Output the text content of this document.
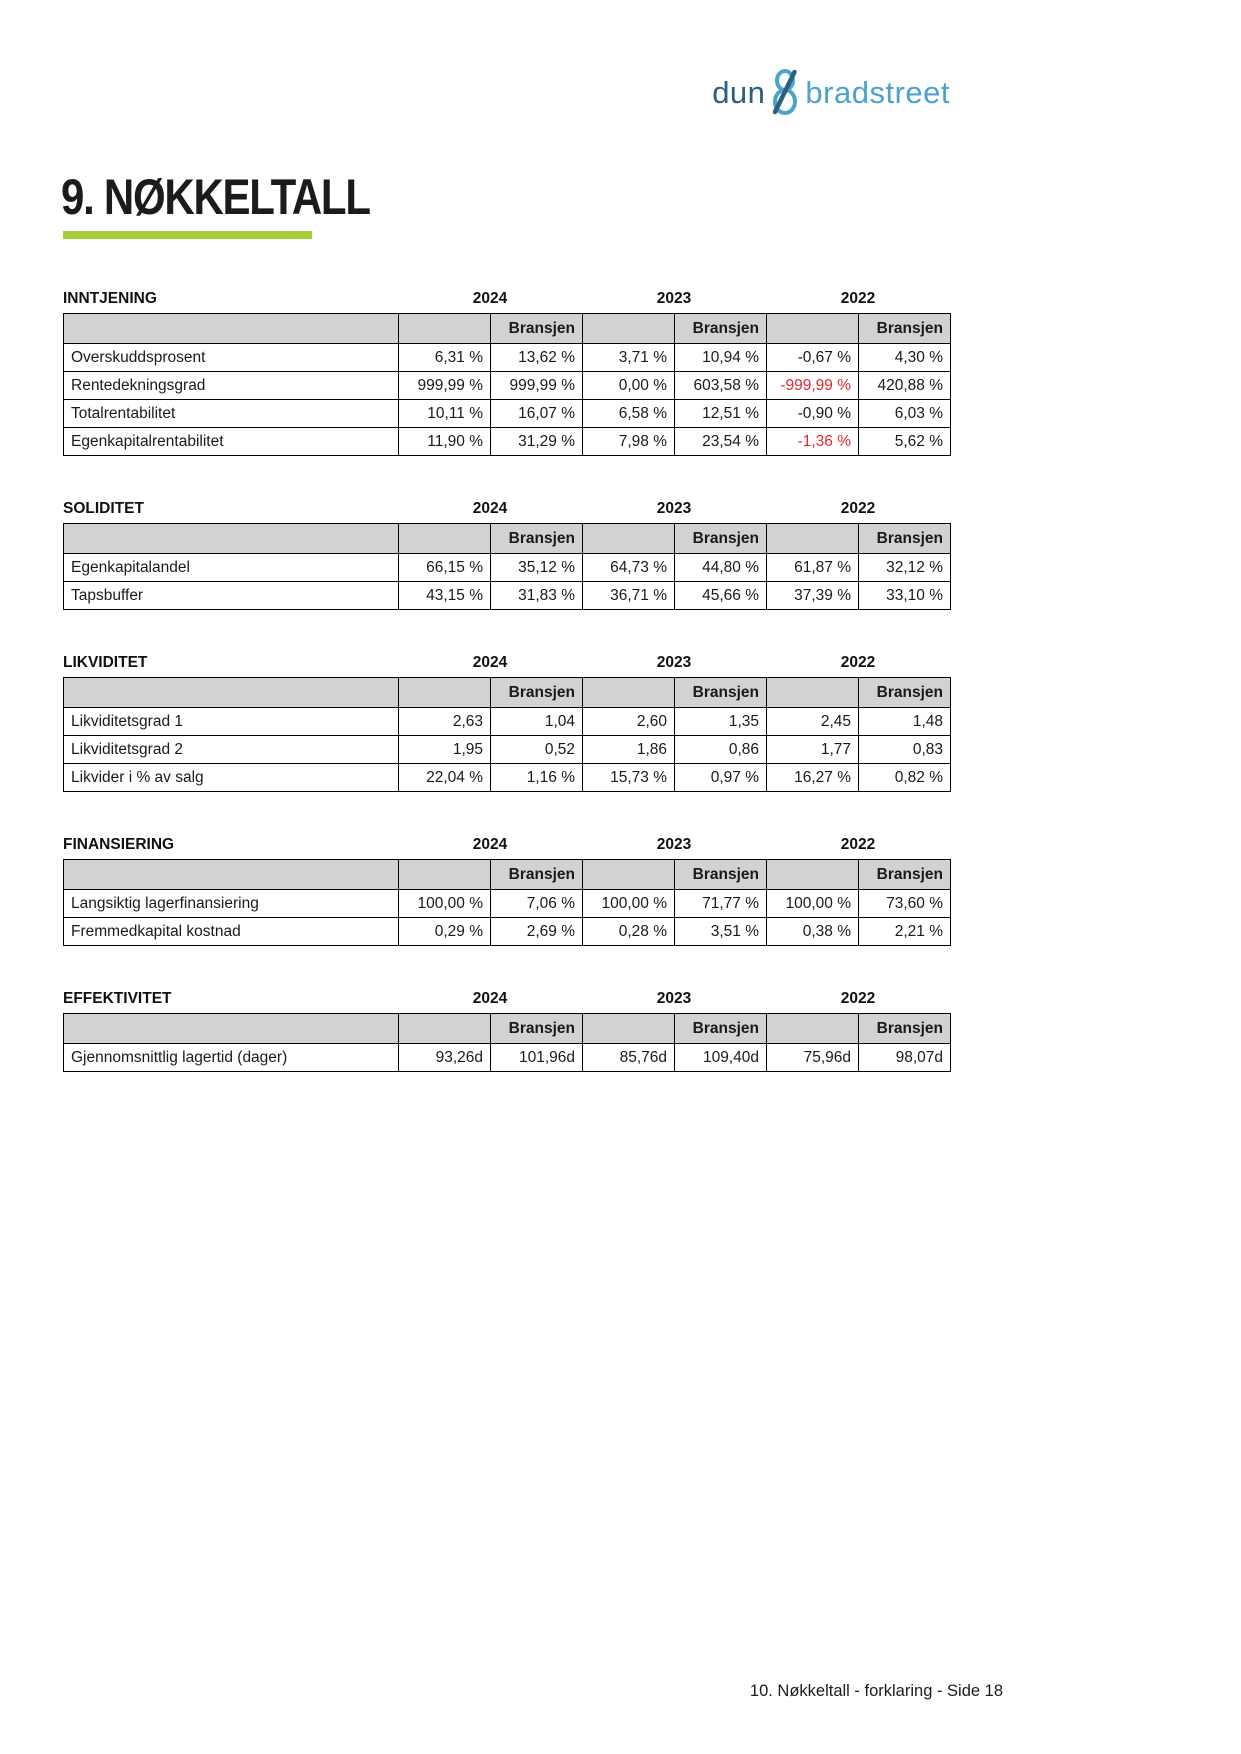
dun bradstreet
9. NØKKELTALL
INNTJENING	2024	2023	2022
		Bransjen		Bransjen		Bransjen
Overskuddsprosent	6,31 %	13,62 %	3,71 %	10,94 %	-0,67 %	4,30 %
Rentedekningsgrad	999,99 %	999,99 %	0,00 %	603,58 %	-999,99 %	420,88 %
Totalrentabilitet	10,11 %	16,07 %	6,58 %	12,51 %	-0,90 %	6,03 %
Egenkapitalrentabilitet	11,90 %	31,29 %	7,98 %	23,54 %	-1,36 %	5,62 %
SOLIDITET	2024	2023	2022
		Bransjen		Bransjen		Bransjen
Egenkapitalandel	66,15 %	35,12 %	64,73 %	44,80 %	61,87 %	32,12 %
Tapsbuffer	43,15 %	31,83 %	36,71 %	45,66 %	37,39 %	33,10 %
LIKVIDITET	2024	2023	2022
		Bransjen		Bransjen		Bransjen
Likviditetsgrad 1	2,63	1,04	2,60	1,35	2,45	1,48
Likviditetsgrad 2	1,95	0,52	1,86	0,86	1,77	0,83
Likvider i % av salg	22,04 %	1,16 %	15,73 %	0,97 %	16,27 %	0,82 %
FINANSIERING	2024	2023	2022
		Bransjen		Bransjen		Bransjen
Langsiktig lagerfinansiering	100,00 %	7,06 %	100,00 %	71,77 %	100,00 %	73,60 %
Fremmedkapital kostnad	0,29 %	2,69 %	0,28 %	3,51 %	0,38 %	2,21 %
EFFEKTIVITET	2024	2023	2022
		Bransjen		Bransjen		Bransjen
Gjennomsnittlig lagertid (dager)	93,26d	101,96d	85,76d	109,40d	75,96d	98,07d
10. Nøkkeltall - forklaring - Side 18
